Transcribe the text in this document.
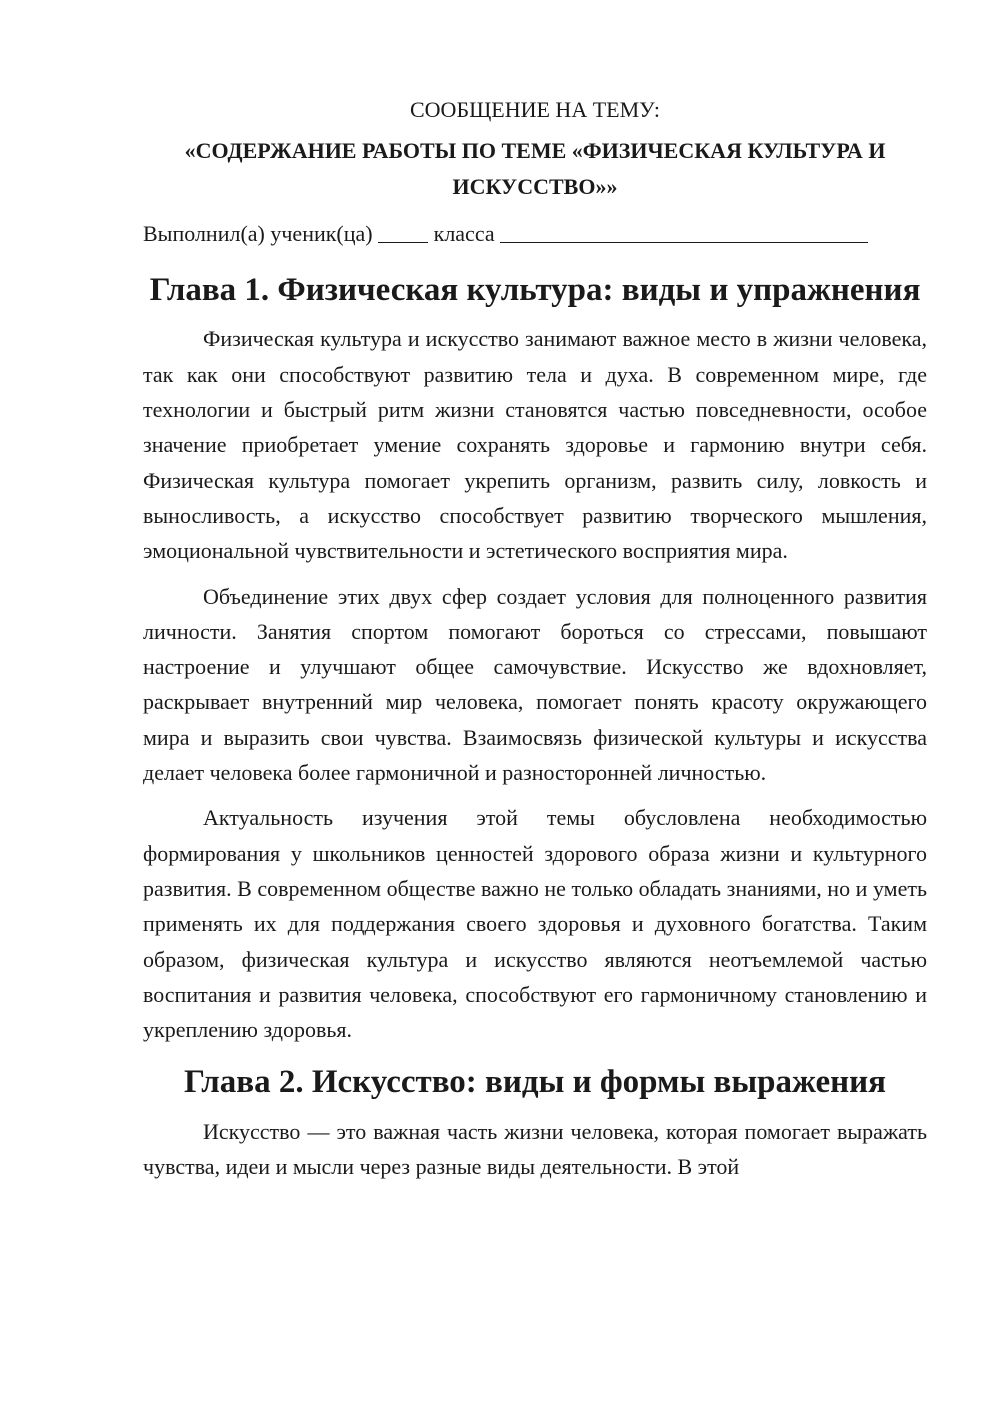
СООБЩЕНИЕ НА ТЕМУ:

«СОДЕРЖАНИЕ РАБОТЫ ПО ТЕМЕ «ФИЗИЧЕСКАЯ КУЛЬТУРА И ИСКУССТВО»»

Выполнил(а) ученик(ца)	класса

Глава 1. Физическая культура: виды и упражнения

Физическая культура и искусство занимают важное место в жизни человека, так как они способствуют развитию тела и духа. В современном мире, где технологии и быстрый ритм жизни становятся частью повседневности, особое значение приобретает умение сохранять здоровье и гармонию внутри себя. Физическая культура помогает укрепить организм, развить силу, ловкость и выносливость, а искусство способствует развитию творческого мышления, эмоциональной чувствительности и эстетического восприятия мира.

Объединение этих двух сфер создает условия для полноценного развития личности. Занятия спортом помогают бороться со стрессами, повышают настроение и улучшают общее самочувствие. Искусство же вдохновляет, раскрывает внутренний мир человека, помогает понять красоту окружающего мира и выразить свои чувства. Взаимосвязь физической культуры и искусства делает человека более гармоничной и разносторонней личностью.

Актуальность изучения этой темы обусловлена необходимостью формирования у школьников ценностей здорового образа жизни и культурного развития. В современном обществе важно не только обладать знаниями, но и уметь применять их для поддержания своего здоровья и духовного богатства. Таким образом, физическая культура и искусство являются неотъемлемой частью воспитания и развития человека, способствуют его гармоничному становлению и укреплению здоровья.

Глава 2. Искусство: виды и формы выражения

Искусство — это важная часть жизни человека, которая помогает выражать чувства, идеи и мысли через разные виды деятельности. В этой
